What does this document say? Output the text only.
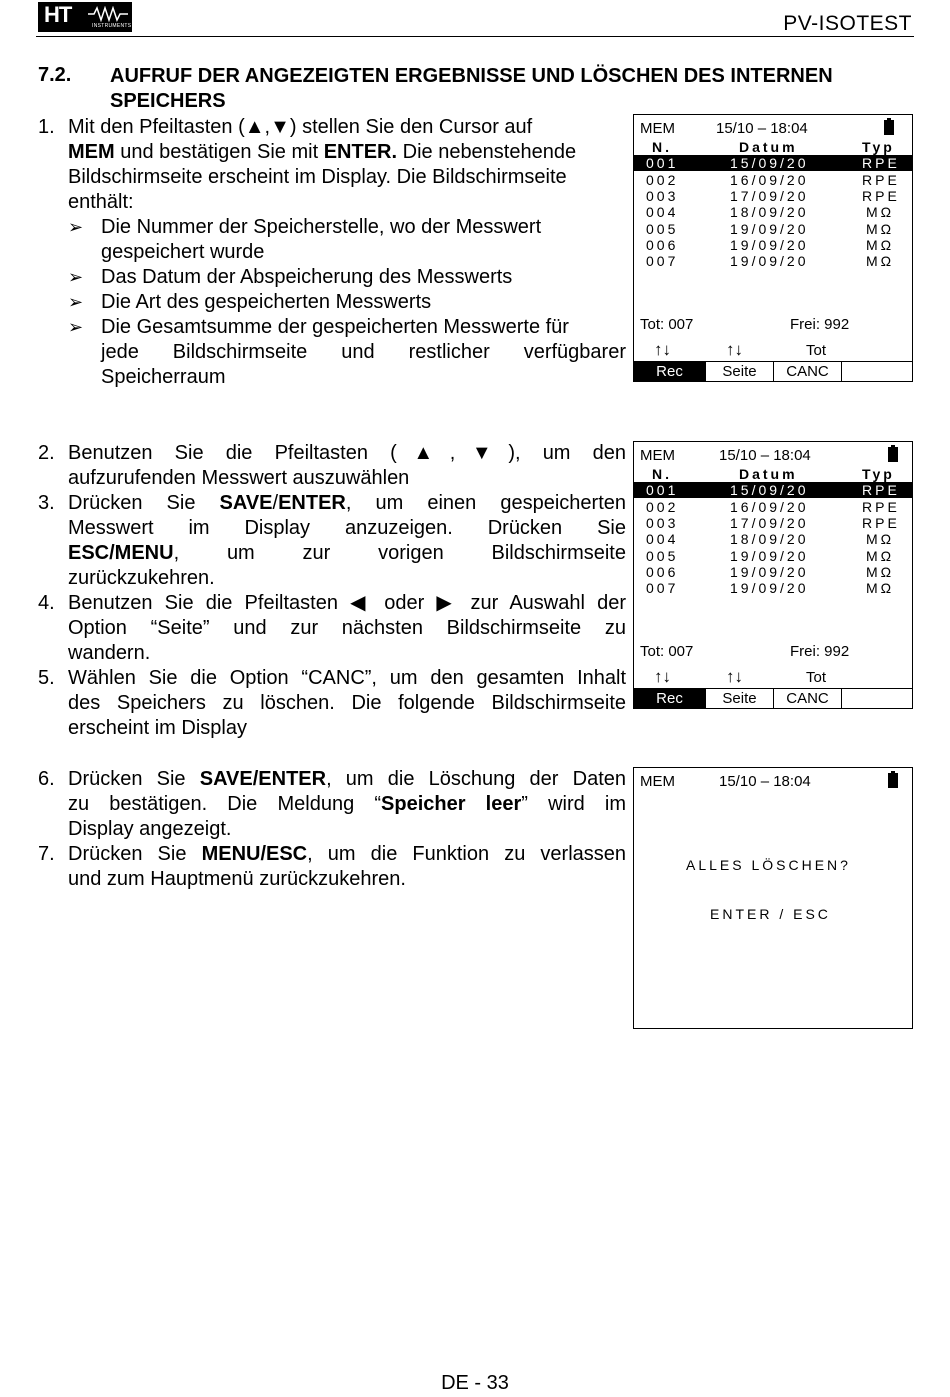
HT	INSTRUMENTS	PV-ISOTEST
7.2. AUFRUF DER ANGEZEIGTEN ERGEBNISSE UND LÖSCHEN DES INTERNEN SPEICHERS
1. Mit den Pfeiltasten (▲,▼) stellen Sie den Cursor auf
MEM und bestätigen Sie mit ENTER. Die nebenstehende
Bildschirmseite erscheint im Display. Die Bildschirmseite
enthält:
➢ Die Nummer der Speicherstelle, wo der Messwert
gespeichert wurde
➢ Das Datum der Abspeicherung des Messwerts
➢ Die Art des gespeicherten Messwerts
➢ Die Gesamtsumme der gespeicherten Messwerte für
jede Bildschirmseite und restlicher verfügbarer
Speicherraum
MEM	15/10 – 18:04
N.	Datum	Typ
001	15/09/20	RPE
002	16/09/20	RPE
003	17/09/20	RPE
004	18/09/20	MΩ
005	19/09/20	MΩ
006	19/09/20	MΩ
007	19/09/20	MΩ
Tot: 007	Frei: 992
↑↓	↑↓	Tot
Rec	Seite	CANC
2. Benutzen Sie die Pfeiltasten (▲,▼), um den
aufzurufenden Messwert auszuwählen
3. Drücken Sie SAVE/ENTER, um einen gespeicherten
Messwert im Display anzuzeigen. Drücken Sie
ESC/MENU, um zur vorigen Bildschirmseite
zurückzukehren.
4. Benutzen Sie die Pfeiltasten ◀ oder ▶ zur Auswahl der
Option “Seite” und zur nächsten Bildschirmseite zu
wandern.
5. Wählen Sie die Option “CANC”, um den gesamten Inhalt
des Speichers zu löschen. Die folgende Bildschirmseite
erscheint im Display
MEM	15/10 – 18:04
N.	Datum	Typ
001	15/09/20	RPE
002	16/09/20	RPE
003	17/09/20	RPE
004	18/09/20	MΩ
005	19/09/20	MΩ
006	19/09/20	MΩ
007	19/09/20	MΩ
Tot: 007	Frei: 992
↑↓	↑↓	Tot
Rec	Seite	CANC
6. Drücken Sie SAVE/ENTER, um die Löschung der Daten
zu bestätigen. Die Meldung “Speicher leer” wird im
Display angezeigt.
7. Drücken Sie MENU/ESC, um die Funktion zu verlassen
und zum Hauptmenü zurückzukehren.
MEM	15/10 – 18:04
ALLES LÖSCHEN?
ENTER / ESC
DE - 33
